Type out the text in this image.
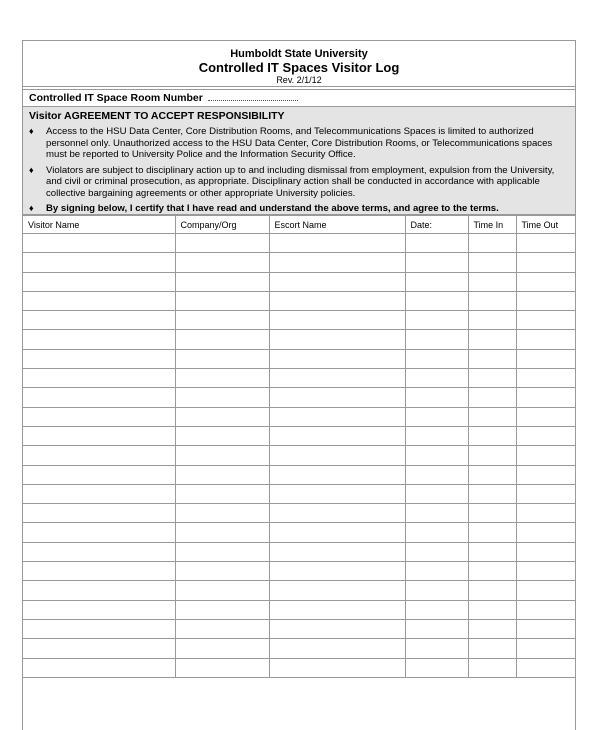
Humboldt State University
Controlled IT Spaces Visitor Log
Rev. 2/1/12
Controlled IT Space Room Number
Visitor AGREEMENT TO ACCEPT RESPONSIBILITY
♦	Access to the HSU Data Center, Core Distribution Rooms, and Telecommunications Spaces is limited to authorized personnel only. Unauthorized access to the HSU Data Center, Core Distribution Rooms, or Telecommunications spaces must be reported to University Police and the Information Security Office.
♦	Violators are subject to disciplinary action up to and including dismissal from employment, expulsion from the University, and civil or criminal prosecution, as appropriate. Disciplinary action shall be conducted in accordance with applicable collective bargaining agreements or other appropriate University policies.
♦	By signing below, I certify that I have read and understand the above terms, and agree to the terms.
Visitor Name	Company/Org	Escort Name	Date:	Time In	Time Out
